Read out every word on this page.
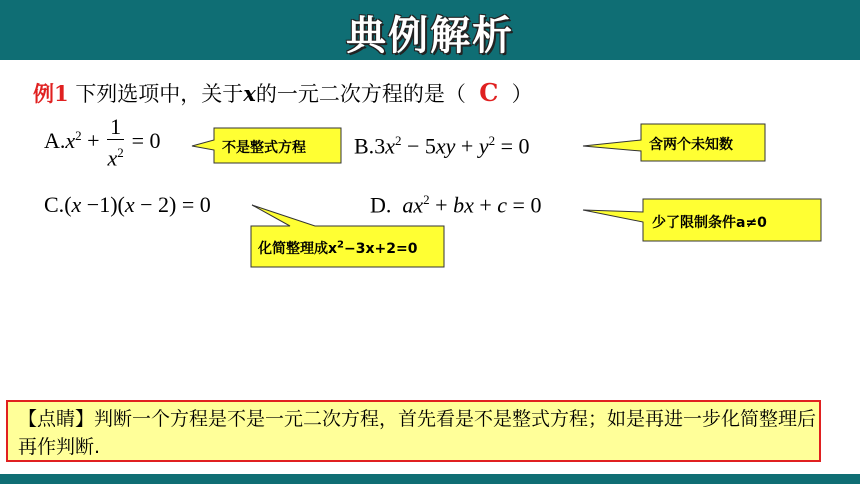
典例解析
例1 下列选项中，关于x的一元二次方程的是（ C ）
$A.x^2 + \frac{1}{x^2} = 0$	不是整式方程 $B.3x^2 - 5xy + y^2 = 0$	含两个未知数
C.(x −1)(x − 2) = 0
化简整理成$x^2-3x+2=0$
D. $ax^2$ + bx + c = 0
少了限制条件a≠0
【点睛】判断一个方程是不是一元二次方程，首先看是不是整式方程；如是再进一步化简整理后再作判断.
